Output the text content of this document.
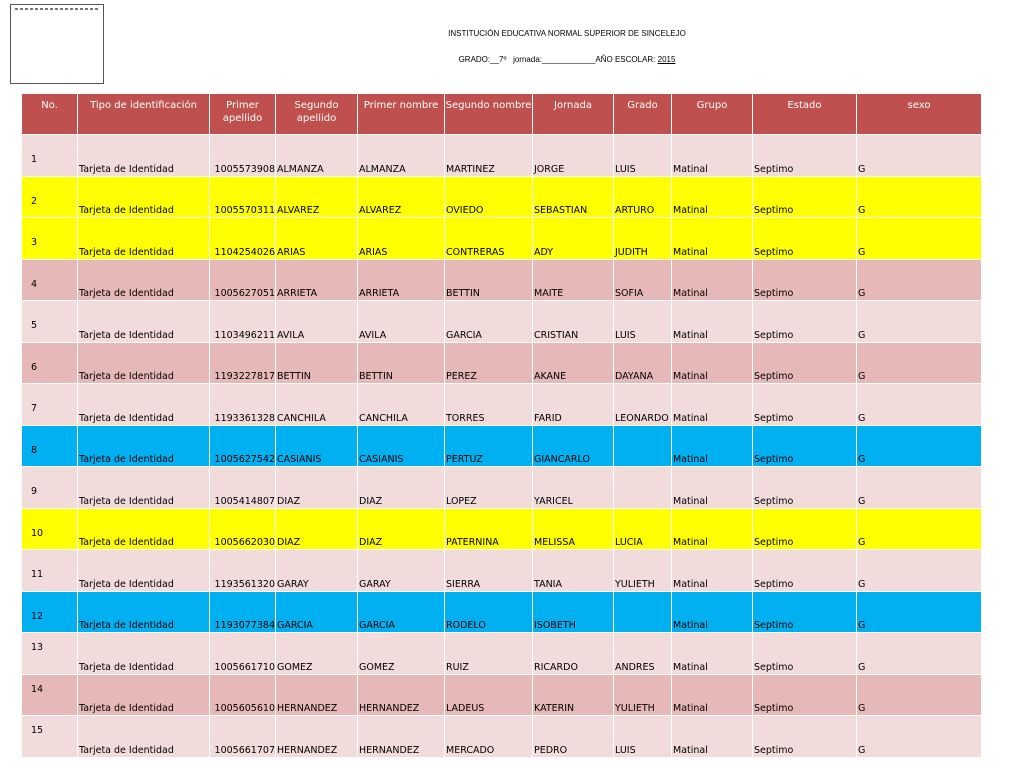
INSTITUCIÓN EDUCATIVA NORMAL SUPERIOR DE SINCELEJO
GRADO:__7º jornada:____________AÑO ESCOLAR: 2015
No.	Tipo de identificación	Primer apellido	Segundo apellido	Primer nombre	Segundo nombre	Jornada	Grado	Grupo	Estado	sexo	
1	Tarjeta de Identidad	1005573908	ALMANZA	ALMANZA	MARTINEZ	JORGE	LUIS	Matinal	Septimo	G	
2	Tarjeta de Identidad	1005570311	ALVAREZ	ALVAREZ	OVIEDO	SEBASTIAN	ARTURO	Matinal	Septimo	G	
3	Tarjeta de Identidad	1104254026	ARIAS	ARIAS	CONTRERAS	ADY	JUDITH	Matinal	Septimo	G	
4	Tarjeta de Identidad	1005627051	ARRIETA	ARRIETA	BETTIN	MAITE	SOFIA	Matinal	Septimo	G	
5	Tarjeta de Identidad	1103496211	AVILA	AVILA	GARCIA	CRISTIAN	LUIS	Matinal	Septimo	G	
6	Tarjeta de Identidad	1193227817	BETTIN	BETTIN	PEREZ	AKANE	DAYANA	Matinal	Septimo	G	
7	Tarjeta de Identidad	1193361328	CANCHILA	CANCHILA	TORRES	FARID	LEONARDO	Matinal	Septimo	G	
8	Tarjeta de Identidad	1005627542	CASIANIS	CASIANIS	PERTUZ	GIANCARLO		Matinal	Septimo	G	
9	Tarjeta de Identidad	1005414807	DIAZ	DIAZ	LOPEZ	YARICEL		Matinal	Septimo	G	
10	Tarjeta de Identidad	1005662030	DIAZ	DIAZ	PATERNINA	MELISSA	LUCIA	Matinal	Septimo	G	
11	Tarjeta de Identidad	1193561320	GARAY	GARAY	SIERRA	TANIA	YULIETH	Matinal	Septimo	G	
12	Tarjeta de Identidad	1193077384	GARCIA	GARCIA	RODELO	ISOBETH		Matinal	Septimo	G	
13	Tarjeta de Identidad	1005661710	GOMEZ	GOMEZ	RUIZ	RICARDO	ANDRES	Matinal	Septimo	G	
14	Tarjeta de Identidad	1005605610	HERNANDEZ	HERNANDEZ	LADEUS	KATERIN	YULIETH	Matinal	Septimo	G	
15	Tarjeta de Identidad	1005661707	HERNANDEZ	HERNANDEZ	MERCADO	PEDRO	LUIS	Matinal	Septimo	G	
